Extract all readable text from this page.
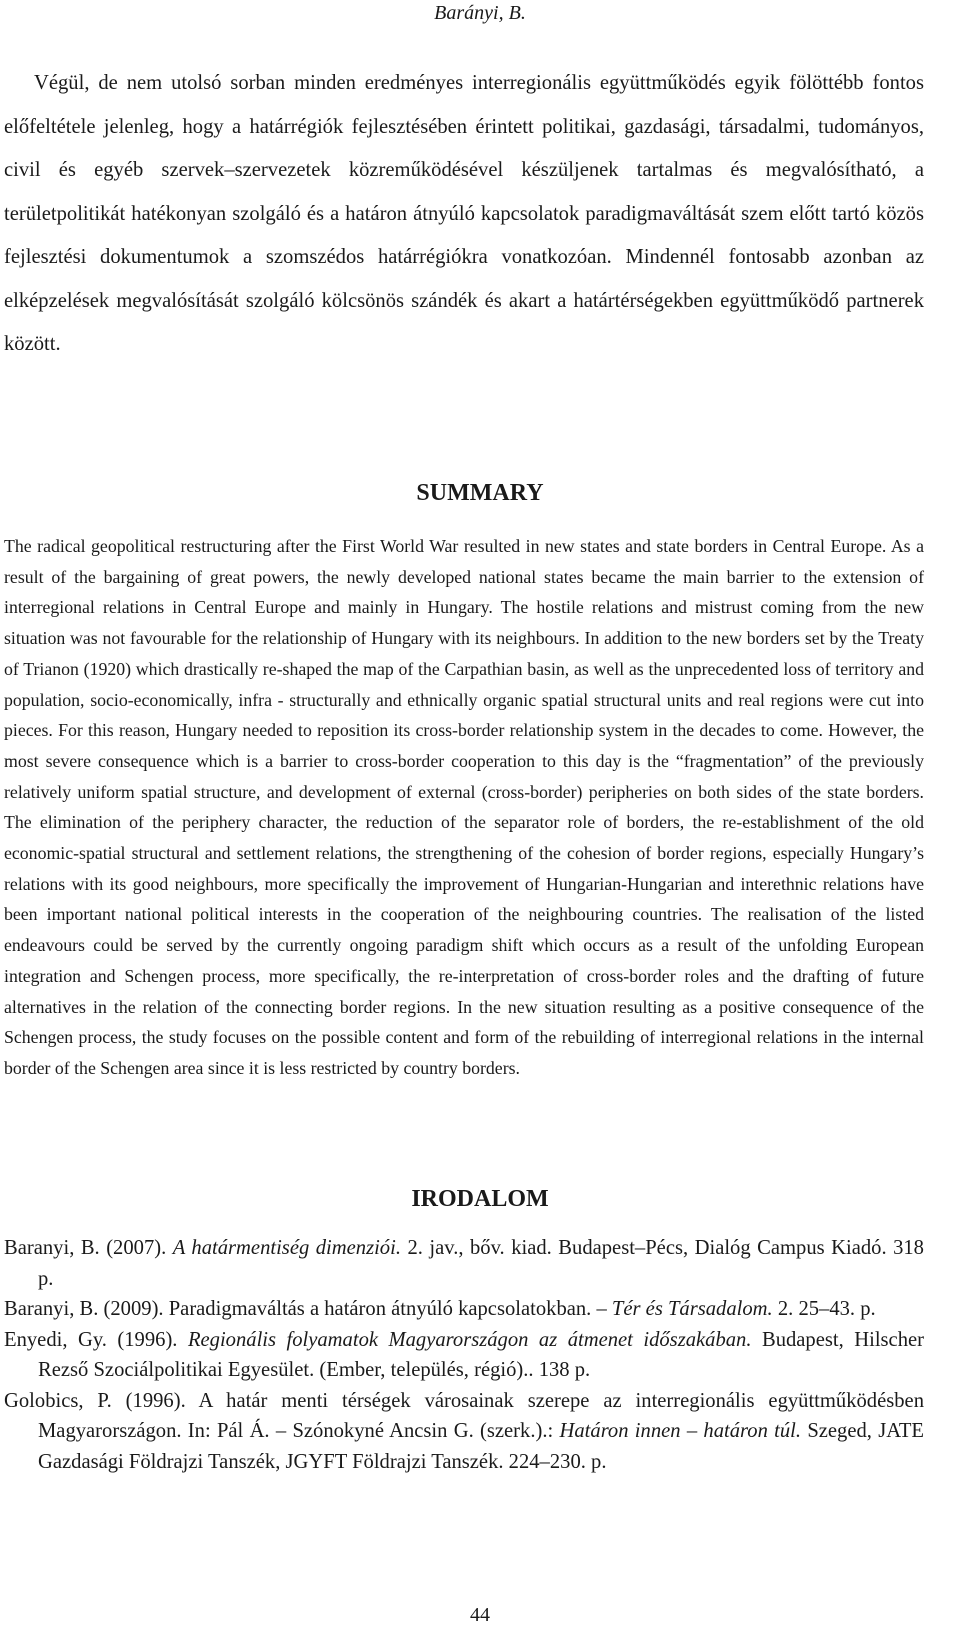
Barányi, B.

Végül, de nem utolsó sorban minden eredményes interregionális együttműködés egyik fölöttébb fontos előfeltétele jelenleg, hogy a határrégiók fejlesztésében érintett politikai, gazdasági, társadalmi, tudományos, civil és egyéb szervek–szervezetek közreműködésével készüljenek tartalmas és megvalósítható, a területpolitikát hatékonyan szolgáló és a határon átnyúló kapcsolatok paradigmaváltását szem előtt tartó közös fejlesztési dokumentumok a szomszédos határrégiókra vonatkozóan. Mindennél fontosabb azonban az elképzelések megvalósítását szolgáló kölcsönös szándék és akart a határtérségekben együttműködő partnerek között.

SUMMARY

The radical geopolitical restructuring after the First World War resulted in new states and state borders in Central Europe. As a result of the bargaining of great powers, the newly developed national states became the main barrier to the extension of interregional relations in Central Europe and mainly in Hungary. The hostile relations and mistrust coming from the new situation was not favourable for the relationship of Hungary with its neighbours. In addition to the new borders set by the Treaty of Trianon (1920) which drastically re-shaped the map of the Carpathian basin, as well as the unprecedented loss of territory and population, socio-economically, infra - structurally and ethnically organic spatial structural units and real regions were cut into pieces. For this reason, Hungary needed to reposition its cross-border relationship system in the decades to come. However, the most severe consequence which is a barrier to cross-border cooperation to this day is the “fragmentation” of the previously relatively uniform spatial structure, and development of external (cross-border) peripheries on both sides of the state borders. The elimination of the periphery character, the reduction of the separator role of borders, the re-establishment of the old economic-spatial structural and settlement relations, the strengthening of the cohesion of border regions, especially Hungary’s relations with its good neighbours, more specifically the improvement of Hungarian-Hungarian and interethnic relations have been important national political interests in the cooperation of the neighbouring countries. The realisation of the listed endeavours could be served by the currently ongoing paradigm shift which occurs as a result of the unfolding European integration and Schengen process, more specifically, the re-interpretation of cross-border roles and the drafting of future alternatives in the relation of the connecting border regions. In the new situation resulting as a positive consequence of the Schengen process, the study focuses on the possible content and form of the rebuilding of interregional relations in the internal border of the Schengen area since it is less restricted by country borders.

IRODALOM

Baranyi, B. (2007). A határmentiség dimenziói. 2. jav., bőv. kiad. Budapest–Pécs, Dialóg Campus Kiadó. 318 p.

Baranyi, B. (2009). Paradigmaváltás a határon átnyúló kapcsolatokban. – Tér és Társadalom. 2. 25–43. p.

Enyedi, Gy. (1996). Regionális folyamatok Magyarországon az átmenet időszakában. Budapest, Hilscher Rezső Szociálpolitikai Egyesület. (Ember, település, régió).. 138 p.

Golobics, P. (1996). A határ menti térségek városainak szerepe az interregionális együttműködésben Magyarországon. In: Pál Á. – Szónokyné Ancsin G. (szerk.).: Határon innen – határon túl. Szeged, JATE Gazdasági Földrajzi Tanszék, JGYFT Földrajzi Tanszék. 224–230. p.

44
